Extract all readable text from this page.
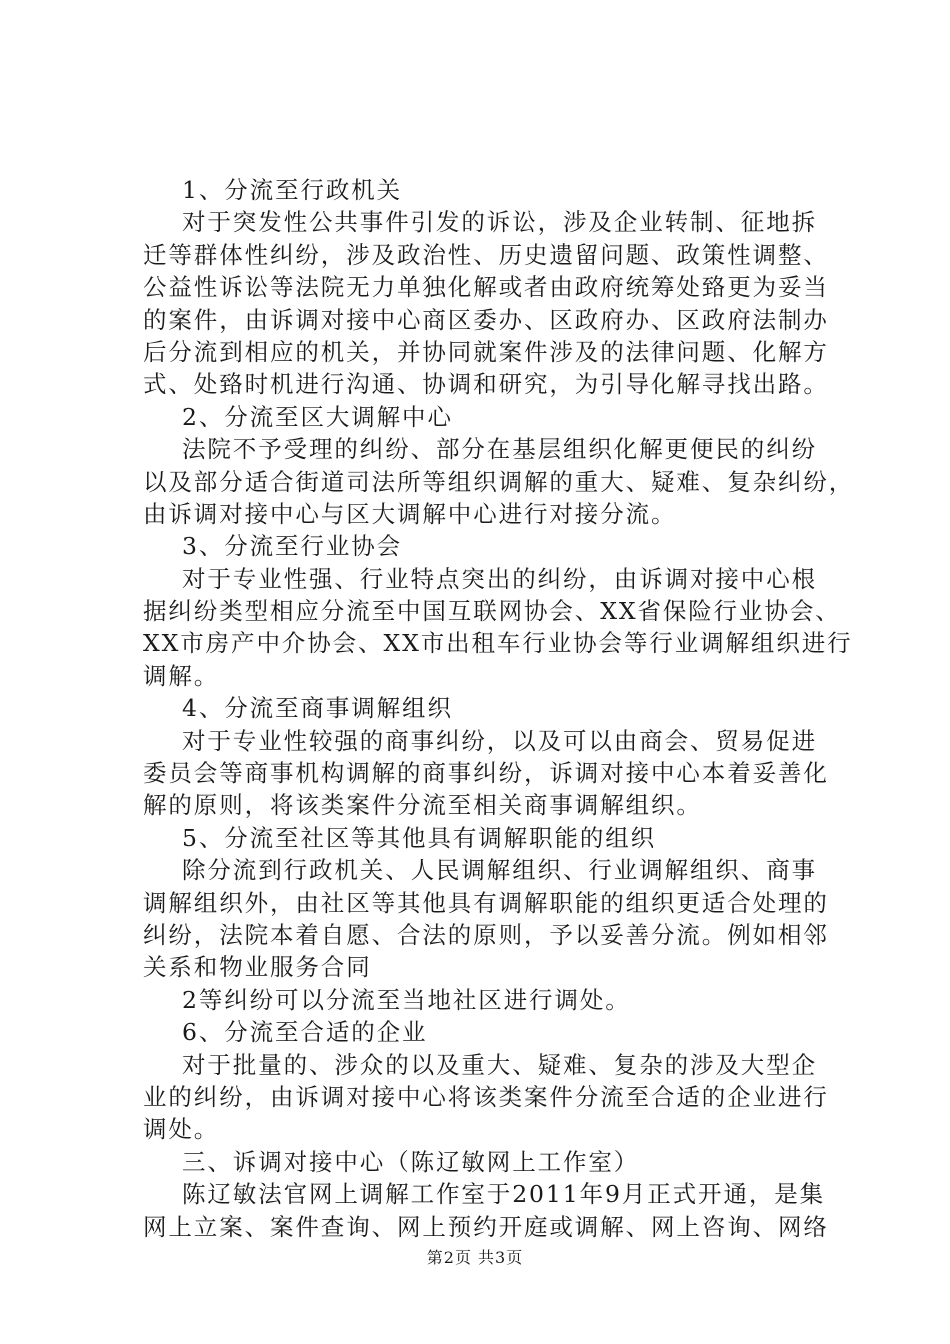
1、分流至行政机关
对于突发性公共事件引发的诉讼，涉及企业转制、征地拆
迁等群体性纠纷，涉及政治性、历史遗留问题、政策性调整、
公益性诉讼等法院无力单独化解或者由政府统筹处臵更为妥当
的案件，由诉调对接中心商区委办、区政府办、区政府法制办
后分流到相应的机关，并协同就案件涉及的法律问题、化解方
式、处臵时机进行沟通、协调和研究，为引导化解寻找出路。
2、分流至区大调解中心
法院不予受理的纠纷、部分在基层组织化解更便民的纠纷
以及部分适合街道司法所等组织调解的重大、疑难、复杂纠纷，
由诉调对接中心与区大调解中心进行对接分流。
3、分流至行业协会
对于专业性强、行业特点突出的纠纷，由诉调对接中心根
据纠纷类型相应分流至中国互联网协会、XX省保险行业协会、
XX市房产中介协会、XX市出租车行业协会等行业调解组织进行
调解。
4、分流至商事调解组织
对于专业性较强的商事纠纷，以及可以由商会、贸易促进
委员会等商事机构调解的商事纠纷，诉调对接中心本着妥善化
解的原则，将该类案件分流至相关商事调解组织。
5、分流至社区等其他具有调解职能的组织
除分流到行政机关、人民调解组织、行业调解组织、商事
调解组织外，由社区等其他具有调解职能的组织更适合处理的
纠纷，法院本着自愿、合法的原则，予以妥善分流。例如相邻
关系和物业服务合同
2等纠纷可以分流至当地社区进行调处。
6、分流至合适的企业
对于批量的、涉众的以及重大、疑难、复杂的涉及大型企
业的纠纷，由诉调对接中心将该类案件分流至合适的企业进行
调处。
三、诉调对接中心（陈辽敏网上工作室）
陈辽敏法官网上调解工作室于2011年9月正式开通，是集
网上立案、案件查询、网上预约开庭或调解、网上咨询、网络
第2页 共3页
